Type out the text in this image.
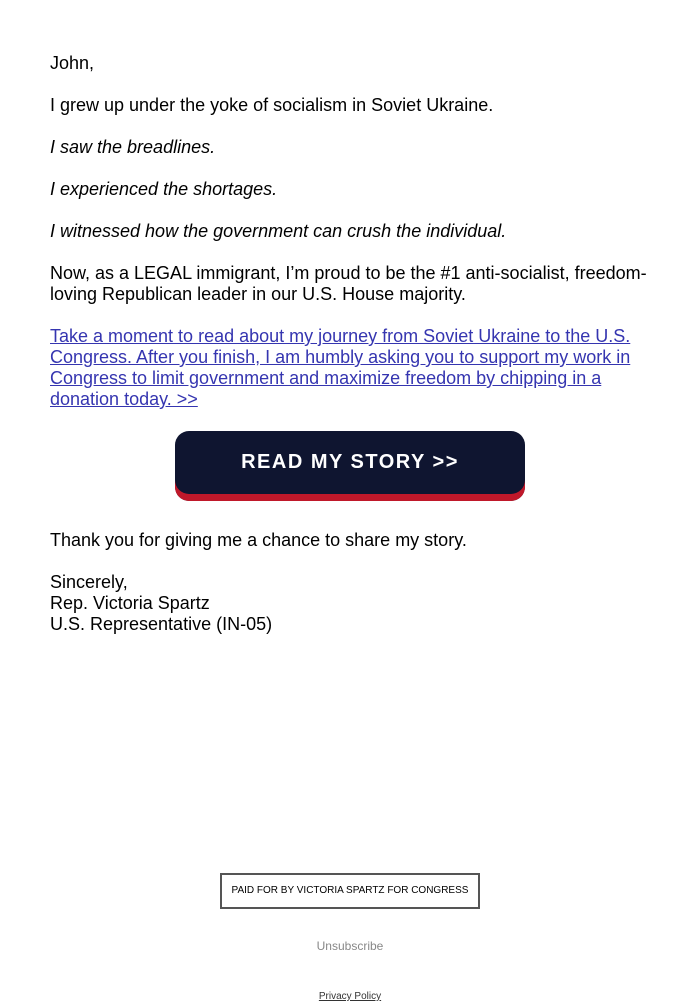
John,

I grew up under the yoke of socialism in Soviet Ukraine.

I saw the breadlines.

I experienced the shortages.

I witnessed how the government can crush the individual.

Now, as a LEGAL immigrant, I’m proud to be the #1 anti-socialist, freedom-loving Republican leader in our U.S. House majority.

Take a moment to read about my journey from Soviet Ukraine to the U.S. Congress. After you finish, I am humbly asking you to support my work in Congress to limit government and maximize freedom by chipping in a donation today. >>

READ MY STORY >>

Thank you for giving me a chance to share my story.

Sincerely,
Rep. Victoria Spartz
U.S. Representative (IN-05)
PAID FOR BY VICTORIA SPARTZ FOR CONGRESS
Unsubscribe
Privacy Policy
